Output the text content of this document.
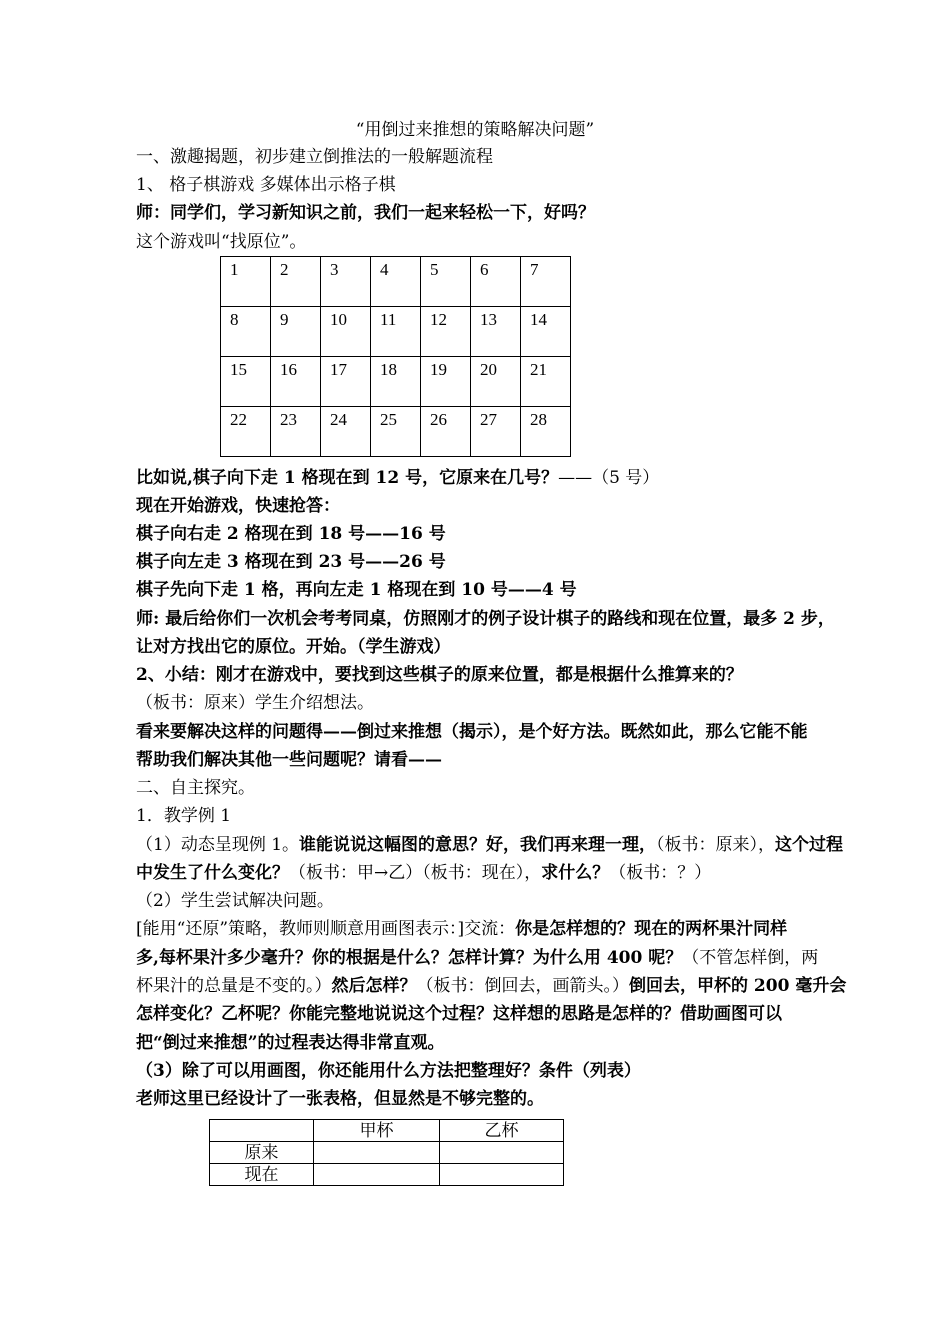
“用倒过来推想的策略解决问题”
一、激趣揭题，初步建立倒推法的一般解题流程
1、 格子棋游戏 多媒体出示格子棋
师：同学们，学习新知识之前，我们一起来轻松一下，好吗？
这个游戏叫“找原位”。
1	2	3	4	5	6	7
8	9	10	11	12	13	14
15	16	17	18	19	20	21
22	23	24	25	26	27	28
比如说,棋子向下走 1 格现在到 12 号，它原来在几号？——（5 号）
现在开始游戏，快速抢答：
棋子向右走 2 格现在到 18 号——16 号
棋子向左走 3 格现在到 23 号——26 号
棋子先向下走 1 格，再向左走 1 格现在到 10 号——4 号
师: 最后给你们一次机会考考同桌，仿照刚才的例子设计棋子的路线和现在位置，最多 2 步，
让对方找出它的原位。开始。（学生游戏）
2、小结：刚才在游戏中，要找到这些棋子的原来位置，都是根据什么推算来的？
（板书：原来）学生介绍想法。
看来要解决这样的问题得——倒过来推想（揭示），是个好方法。既然如此，那么它能不能
帮助我们解决其他一些问题呢？请看——
二、自主探究。
1．教学例 1
（1）动态呈现例 1。谁能说说这幅图的意思？好，我们再来理一理，（板书：原来），这个过程
中发生了什么变化？（板书：甲→乙）（板书：现在），求什么？（板书：？）
（2）学生尝试解决问题。
[能用“还原”策略，教师则顺意用画图表示：]交流：你是怎样想的？现在的两杯果汁同样
多,每杯果汁多少毫升？你的根据是什么？怎样计算？为什么用 400 呢？（不管怎样倒，两
杯果汁的总量是不变的。）然后怎样？（板书：倒回去，画箭头。）倒回去，甲杯的 200 毫升会
怎样变化？乙杯呢？你能完整地说说这个过程？这样想的思路是怎样的？借助画图可以
把“倒过来推想”的过程表达得非常直观。
（3）除了可以用画图，你还能用什么方法把整理好？条件（列表）
老师这里已经设计了一张表格，但显然是不够完整的。
	甲杯	乙杯
原来		
现在		
